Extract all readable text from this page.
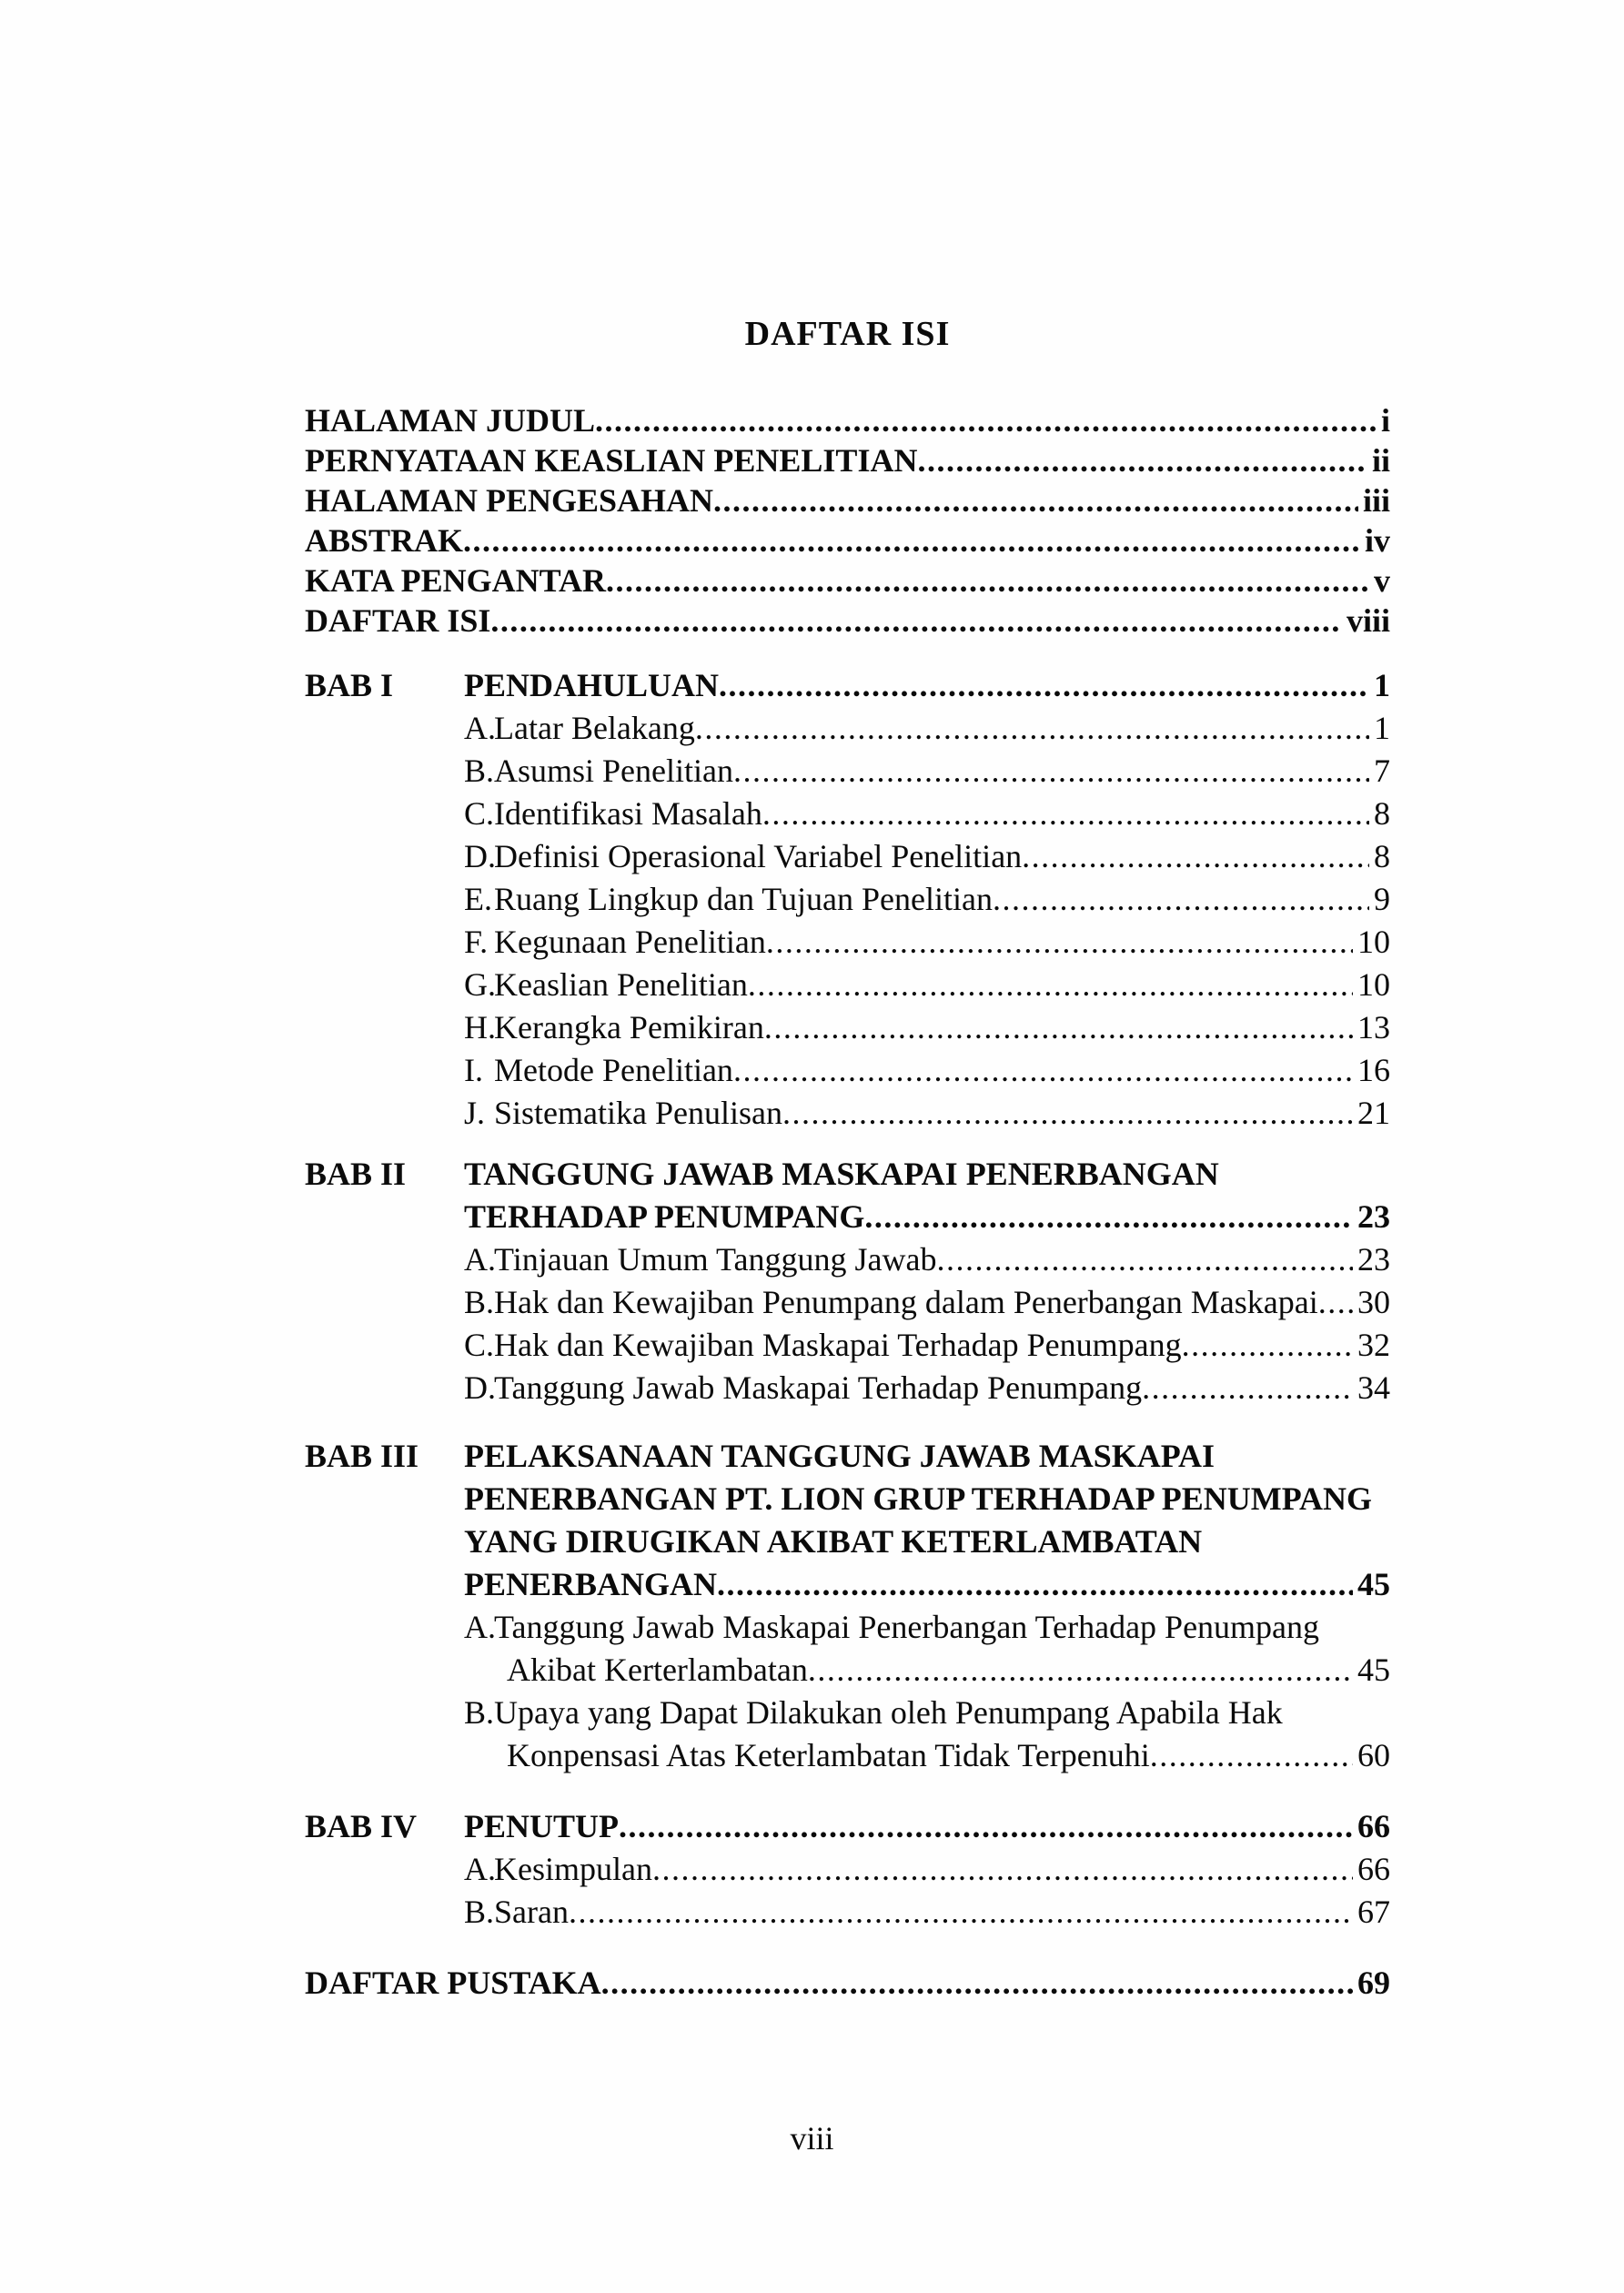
DAFTAR ISI
HALAMAN JUDUL .....	i
PERNYATAAN KEASLIAN PENELITIAN .....	ii
HALAMAN PENGESAHAN .....	iii
ABSTRAK .....	iv
KATA PENGANTAR .....	v
DAFTAR ISI .....	viii
BAB I	PENDAHULUAN .....	1
A.Latar Belakang .....	1
B.Asumsi Penelitian .....	7
C.Identifikasi Masalah .....	8
D.Definisi Operasional Variabel Penelitian .....	8
E.Ruang Lingkup dan Tujuan Penelitian .....	9
F. Kegunaan Penelitian .....	10
G.Keaslian Penelitian .....	10
H.Kerangka Pemikiran .....	13
I. Metode Penelitian .....	16
J. Sistematika Penulisan .....	21
BAB II	TANGGUNG JAWAB MASKAPAI PENERBANGAN
TERHADAP PENUMPANG .....	23
A.Tinjauan Umum Tanggung Jawab .....	23
B.Hak dan Kewajiban Penumpang dalam Penerbangan Maskapai ..... 30
C.Hak dan Kewajiban Maskapai Terhadap Penumpang .....	32
D.Tanggung Jawab Maskapai Terhadap Penumpang .....	34
BAB III	PELAKSANAAN TANGGUNG JAWAB MASKAPAI
PENERBANGAN PT. LION GRUP TERHADAP PENUMPANG
YANG DIRUGIKAN AKIBAT KETERLAMBATAN
PENERBANGAN .....	45
A.Tanggung Jawab Maskapai Penerbangan Terhadap Penumpang
Akibat Kerterlambatan .....	45
B.Upaya yang Dapat Dilakukan oleh Penumpang Apabila Hak
Konpensasi Atas Keterlambatan Tidak Terpenuhi .....	60
BAB IV	PENUTUP .....	66
A.Kesimpulan .....	66
B.Saran .....	67
DAFTAR PUSTAKA .....	69
viii
